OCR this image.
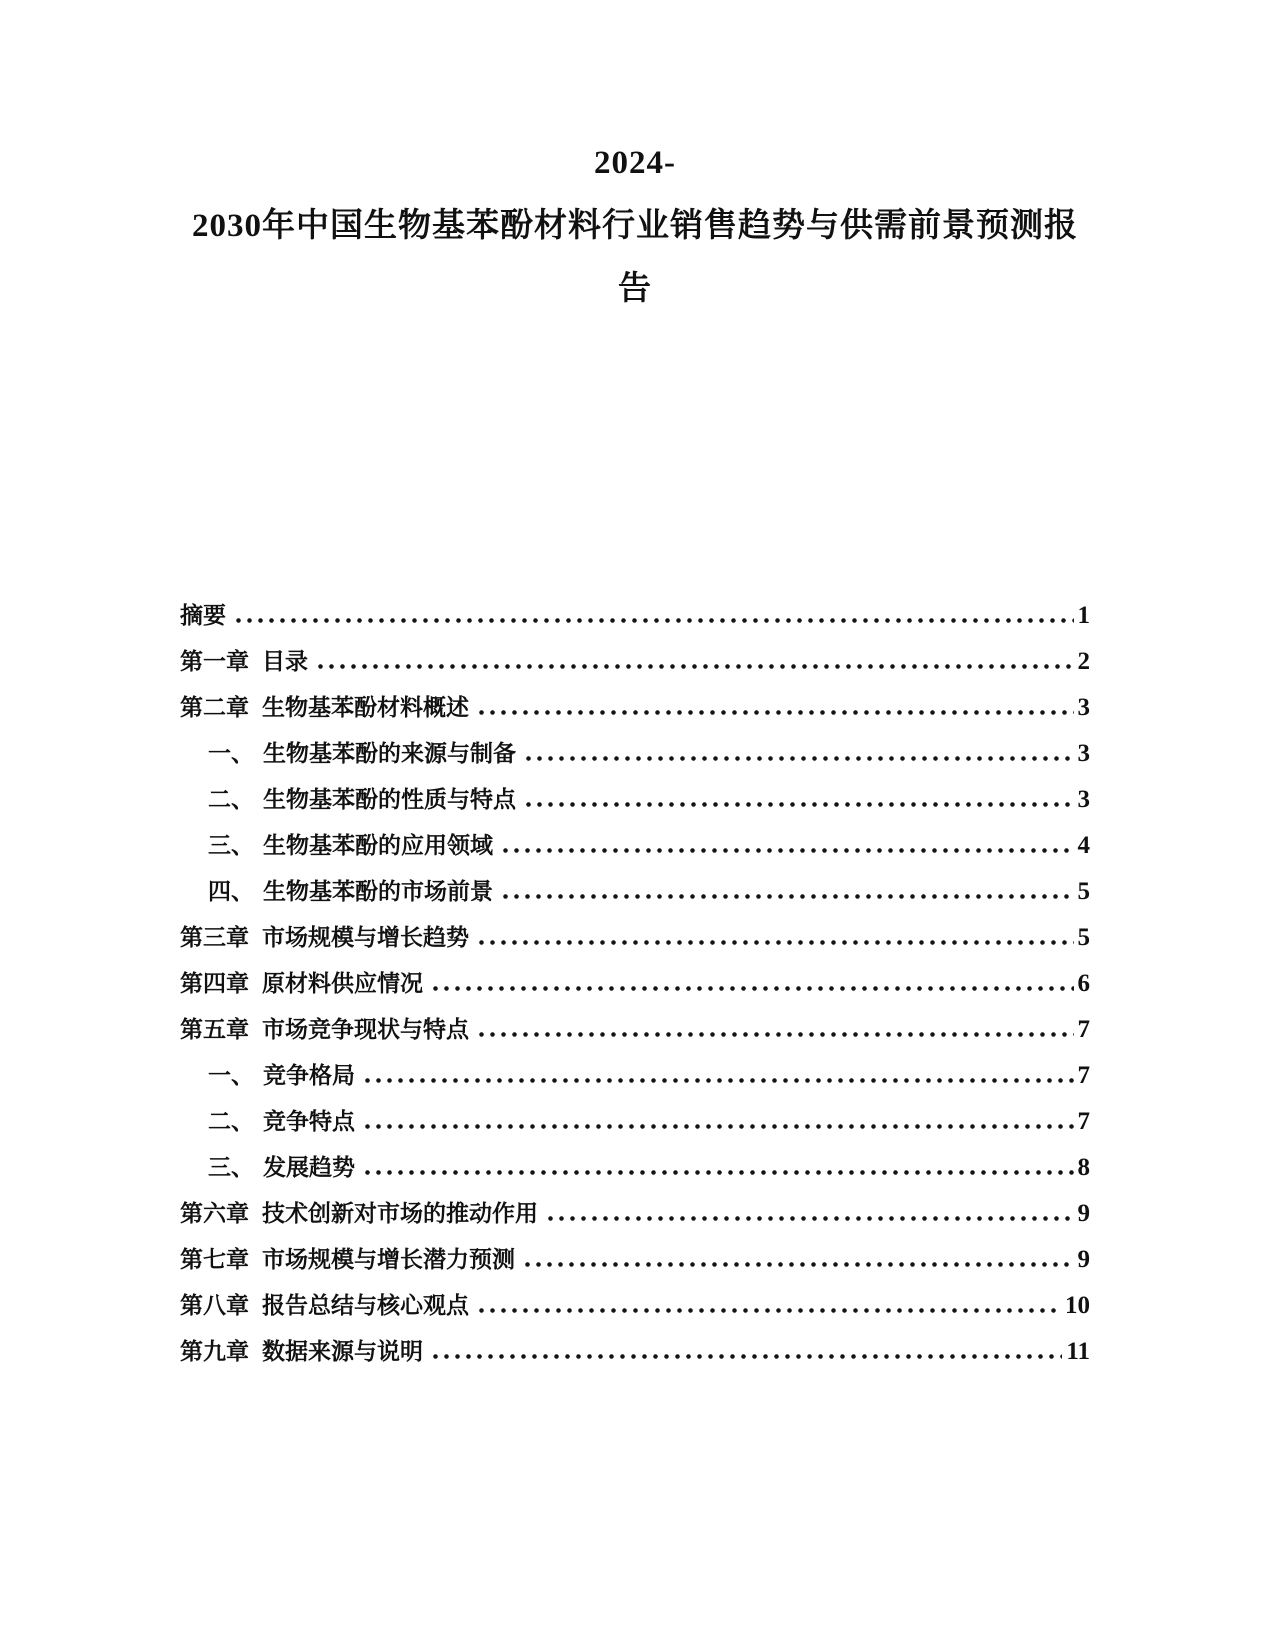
2024-
2030年中国生物基苯酚材料行业销售趋势与供需前景预测报
告
摘要	1
第一章 目录	2
第二章 生物基苯酚材料概述	3
一、 生物基苯酚的来源与制备	3
二、 生物基苯酚的性质与特点	3
三、 生物基苯酚的应用领域	4
四、 生物基苯酚的市场前景	5
第三章 市场规模与增长趋势	5
第四章 原材料供应情况	6
第五章 市场竞争现状与特点	7
一、 竞争格局	7
二、 竞争特点	7
三、 发展趋势	8
第六章 技术创新对市场的推动作用	9
第七章 市场规模与增长潜力预测	9
第八章 报告总结与核心观点	10
第九章 数据来源与说明	11
